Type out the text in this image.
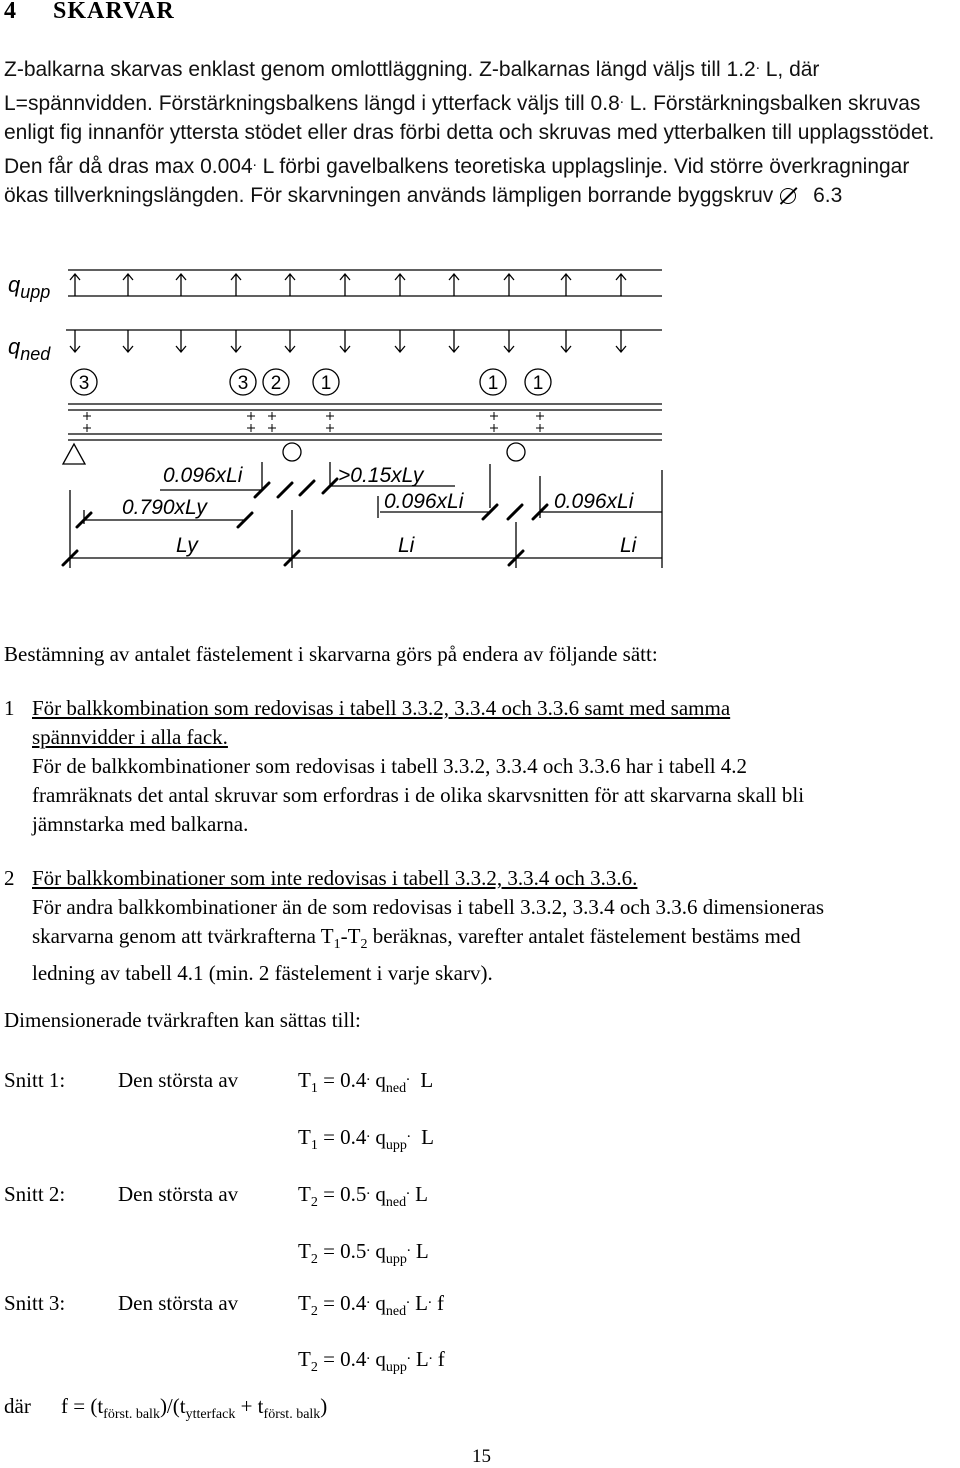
4 SKARVAR

Z-balkarna skarvas enklast genom omlottläggning. Z-balkarnas längd väljs till 1.2. L, där L=spännvidden. Förstärkningsbalkens längd i ytterfack väljs till 0.8. L. Förstärkningsbalken skruvas enligt fig innanför yttersta stödet eller dras förbi detta och skruvas med ytterbalken till upplagsstödet. Den får då dras max 0.004. L förbi gavelbalkens teoretiska upplagslinje. Vid större överkragningar ökas tillverkningslängden. För skarvningen används lämpligen borrande byggskruv 6.3

$q_{upp}$
$q_{ned}$
3	3 2 1	1 1
0.096xLi	>0.15xLy
0.790xLy	0.096xLi	0.096xLi
Ly	Li	Li
Bestämning av antalet fästelement i skarvarna görs på endera av följande sätt:

1 För balkkombination som redovisas i tabell 3.3.2, 3.3.4 och 3.3.6 samt med samma

spännvidder i alla fack.

För de balkkombinationer som redovisas i tabell 3.3.2, 3.3.4 och 3.3.6 har i tabell 4.2

framräknats det antal skruvar som erfordras i de olika skarvsnitten för att skarvarna skall bli

jämnstarka med balkarna.

2 För balkkombinationer som inte redovisas i tabell 3.3.2, 3.3.4 och 3.3.6.

För andra balkkombinationer än de som redovisas i tabell 3.3.2, 3.3.4 och 3.3.6 dimensioneras

skarvarna genom att tvärkrafterna $T_1-T_2$ beräknas, varefter antalet fästelement bestäms med

ledning av tabell 4.1 (min. 2 fästelement i varje skarv).

Dimensionerade tvärkraften kan sättas till:
Snitt 1:	Den största av	$T_1 = 0.4^.$ $q_{ned}^.$  L
$T_1 = 0.4^.$ $q_{upp}^.$  L
Snitt 2:	Den största av	$T_2 = 0.5^.$ $q_{ned}^.$ L
$T_2 = 0.5^.$ $q_{upp}^.$ L
Snitt 3:	Den största av	$T_2 = 0.4^.$ $q_{ned}^.$ L. f
$T_2 = 0.4^.$ $q_{upp}^.$ L. f
där $f = (t_{först. balk})/(t_{ytterfack} + t_{först. balk})$
15
